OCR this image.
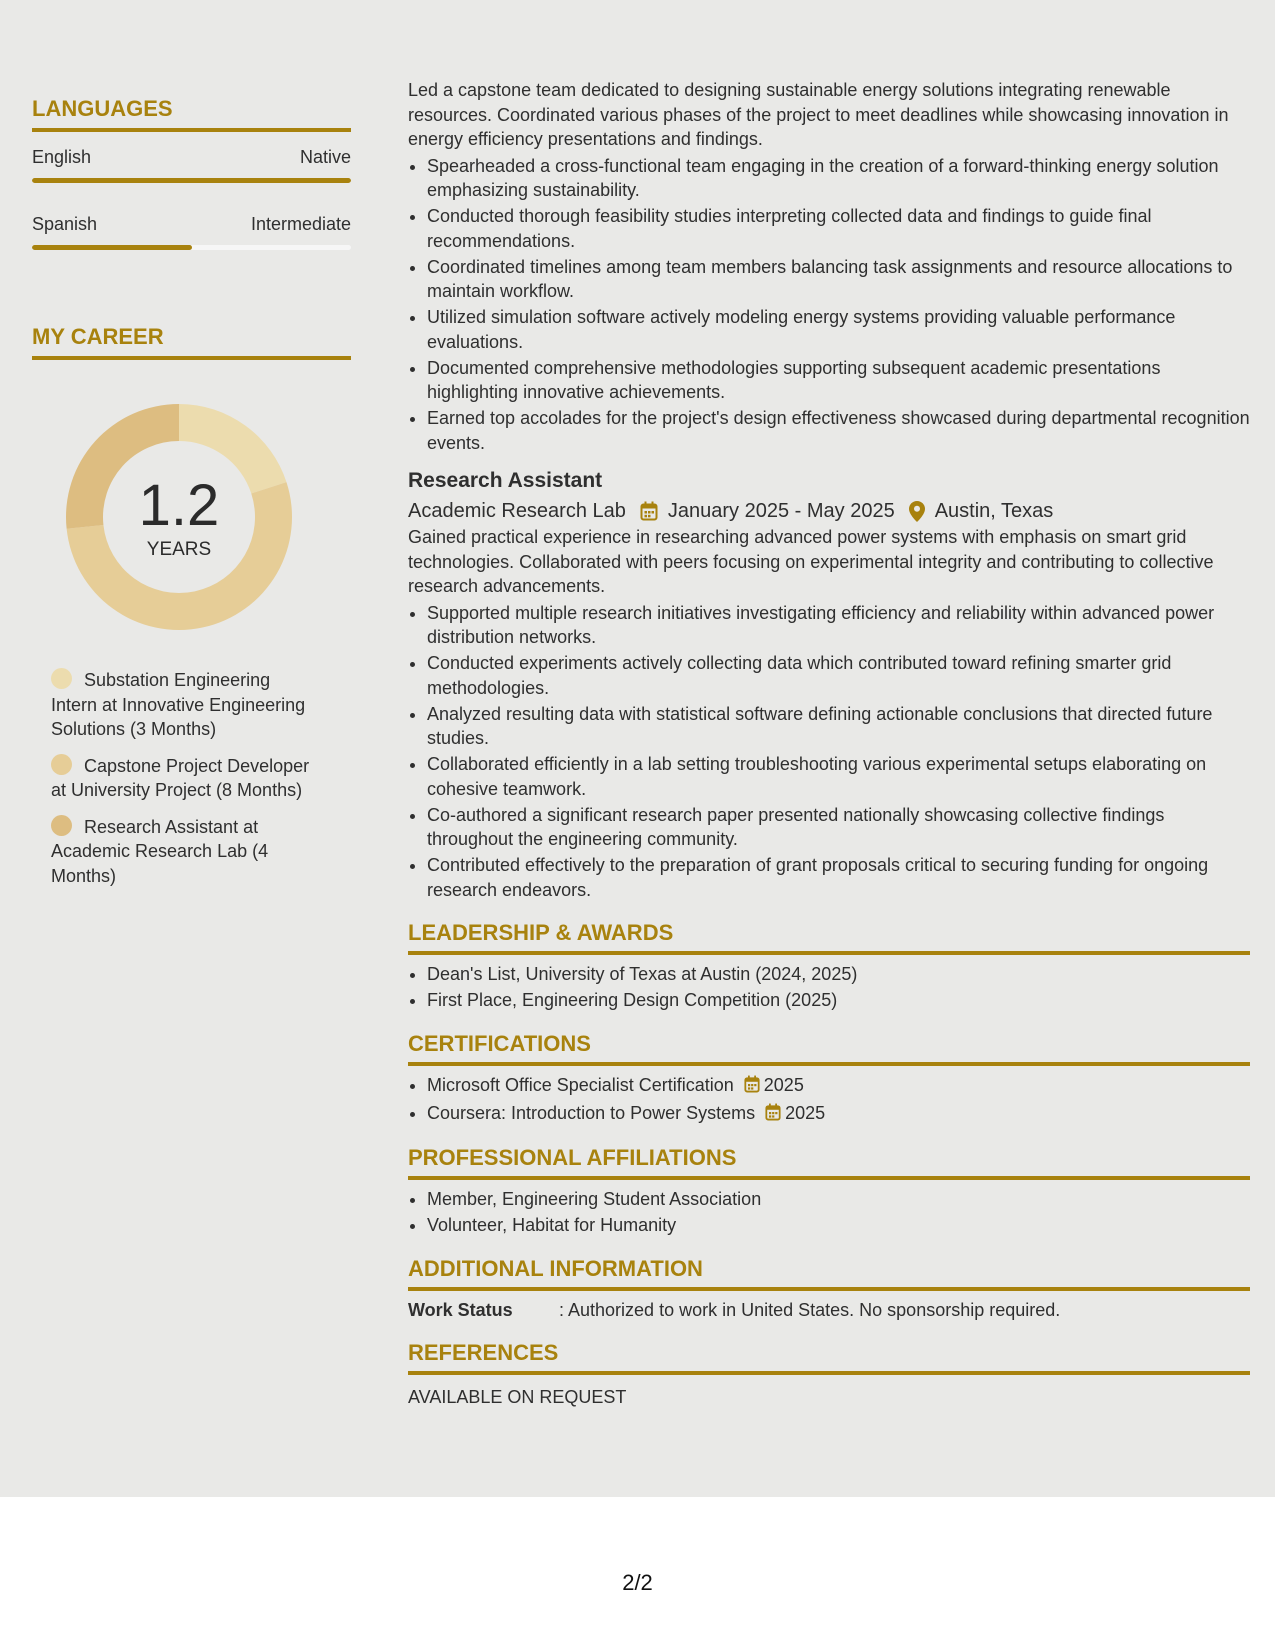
LANGUAGES
English	Native
Spanish	Intermediate
MY CAREER
1.2
YEARS
Substation Engineering Intern at Innovative Engineering Solutions (3 Months)
Capstone Project Developer at University Project (8 Months)
Research Assistant at Academic Research Lab (4 Months)

Led a capstone team dedicated to designing sustainable energy solutions integrating renewable resources. Coordinated various phases of the project to meet deadlines while showcasing innovation in energy efficiency presentations and findings.

• Spearheaded a cross-functional team engaging in the creation of a forward-thinking energy solution emphasizing sustainability.
• Conducted thorough feasibility studies interpreting collected data and findings to guide final recommendations.
• Coordinated timelines among team members balancing task assignments and resource allocations to maintain workflow.
• Utilized simulation software actively modeling energy systems providing valuable performance evaluations.
• Documented comprehensive methodologies supporting subsequent academic presentations highlighting innovative achievements.
• Earned top accolades for the project's design effectiveness showcased during departmental recognition events.
Research Assistant
Academic Research Lab January 2025 - May 2025 Austin, Texas

Gained practical experience in researching advanced power systems with emphasis on smart grid technologies. Collaborated with peers focusing on experimental integrity and contributing to collective research advancements.

• Supported multiple research initiatives investigating efficiency and reliability within advanced power distribution networks.
• Conducted experiments actively collecting data which contributed toward refining smarter grid methodologies.
• Analyzed resulting data with statistical software defining actionable conclusions that directed future studies.
• Collaborated efficiently in a lab setting troubleshooting various experimental setups elaborating on cohesive teamwork.
• Co-authored a significant research paper presented nationally showcasing collective findings throughout the engineering community.
• Contributed effectively to the preparation of grant proposals critical to securing funding for ongoing research endeavors.
LEADERSHIP & AWARDS
• Dean's List, University of Texas at Austin (2024, 2025)
• First Place, Engineering Design Competition (2025)
CERTIFICATIONS
• Microsoft Office Specialist Certification 2025
• Coursera: Introduction to Power Systems 2025
PROFESSIONAL AFFILIATIONS
• Member, Engineering Student Association
• Volunteer, Habitat for Humanity
ADDITIONAL INFORMATION
Work Status	: Authorized to work in United States. No sponsorship required.
REFERENCES
AVAILABLE ON REQUEST
2/2
